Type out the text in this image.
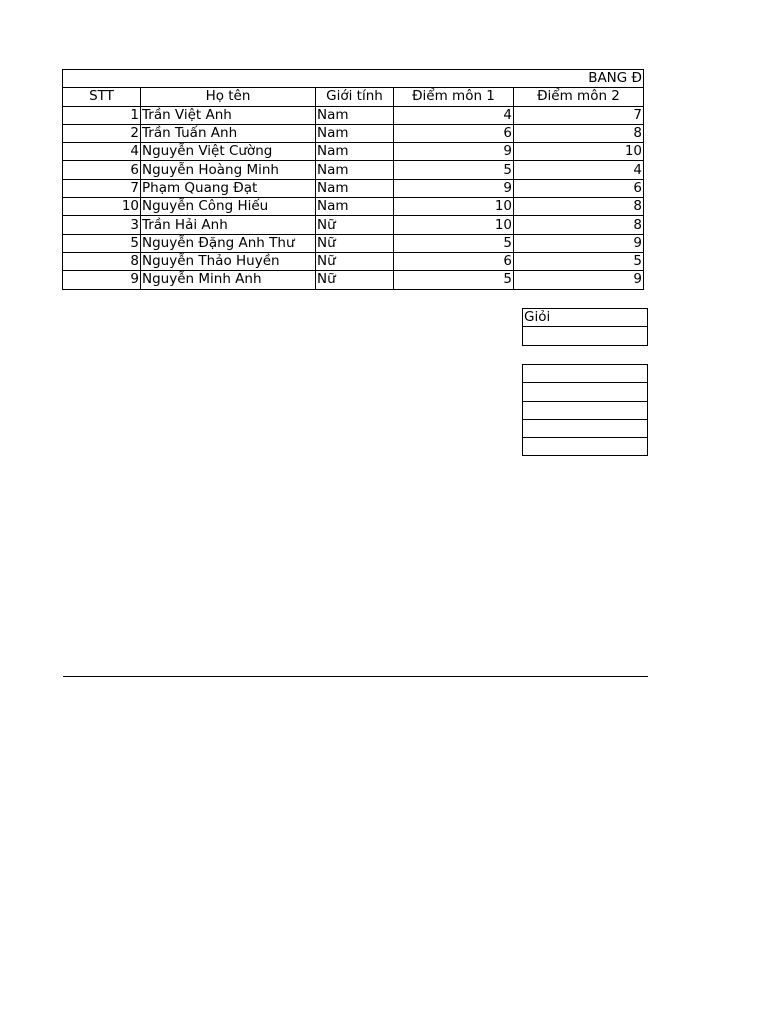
BANG Đ				
STT	Họ tên	Giới tính	Điểm môn 1	Điểm môn 2
1	Trần Việt Anh	Nam	4	7
2	Trần Tuấn Anh	Nam	6	8
4	Nguyễn Việt Cường	Nam	9	10
6	Nguyễn Hoàng Minh	Nam	5	4
7	Phạm Quang Đạt	Nam	9	6
10	Nguyễn Công Hiếu	Nam	10	8
3	Trần Hải Anh	Nữ	10	8
5	Nguyễn Đặng Anh Thư	Nữ	5	9
8	Nguyễn Thảo Huyền	Nữ	6	5
9	Nguyễn Minh Anh	Nữ	5	9
Giỏi
